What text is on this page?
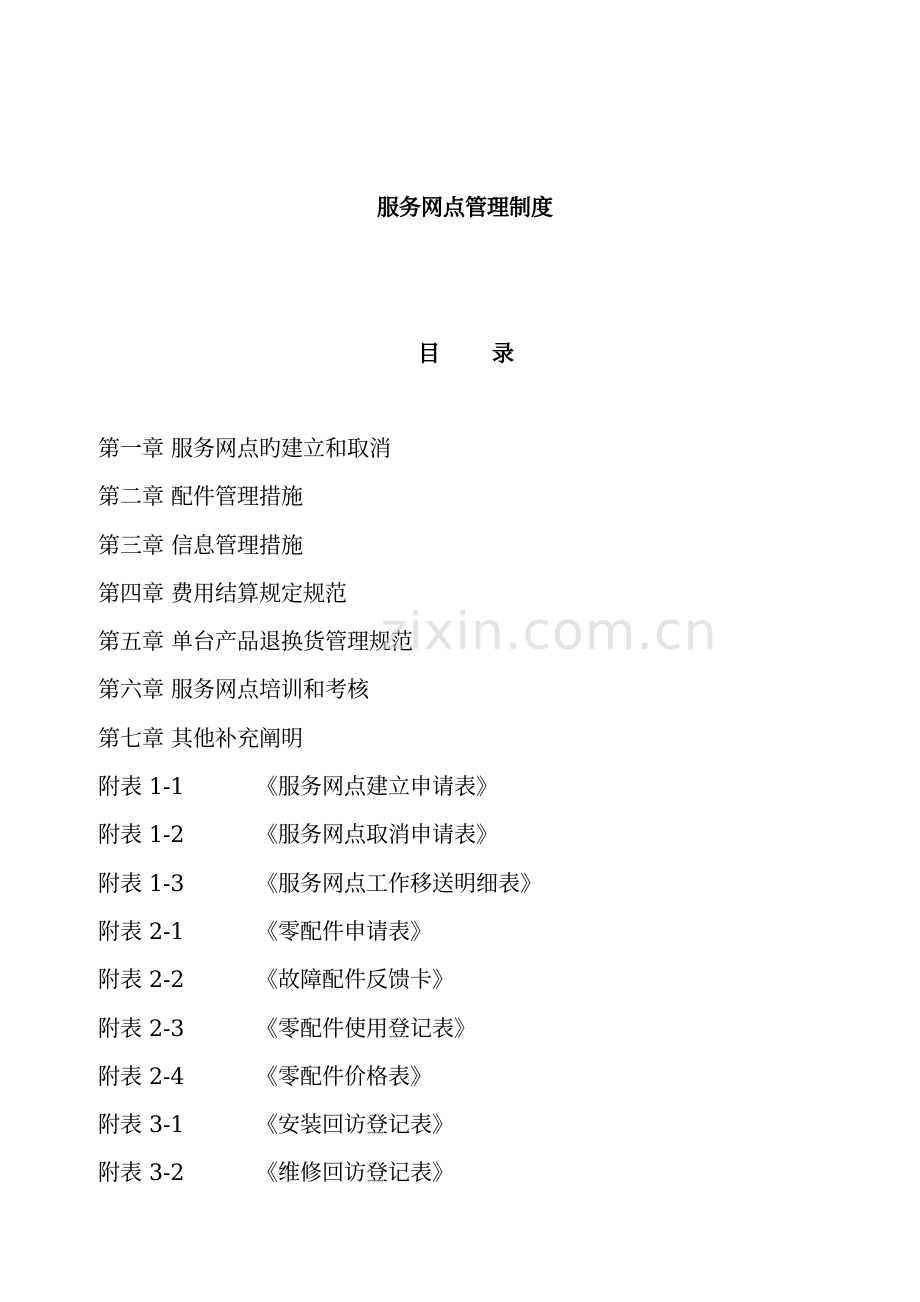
服务网点管理制度
目录
第一章 服务网点旳建立和取消
第二章 配件管理措施
第三章 信息管理措施
第四章 费用结算规定规范
第五章 单台产品退换货管理规范
第六章 服务网点培训和考核
第七章 其他补充阐明
附表 1-1	《服务网点建立申请表》
附表 1-2	《服务网点取消申请表》
附表 1-3	《服务网点工作移送明细表》
附表 2-1	《零配件申请表》
附表 2-2	《故障配件反馈卡》
附表 2-3	《零配件使用登记表》
附表 2-4	《零配件价格表》
附表 3-1	《安装回访登记表》
附表 3-2	《维修回访登记表》
zixin.com.cn
